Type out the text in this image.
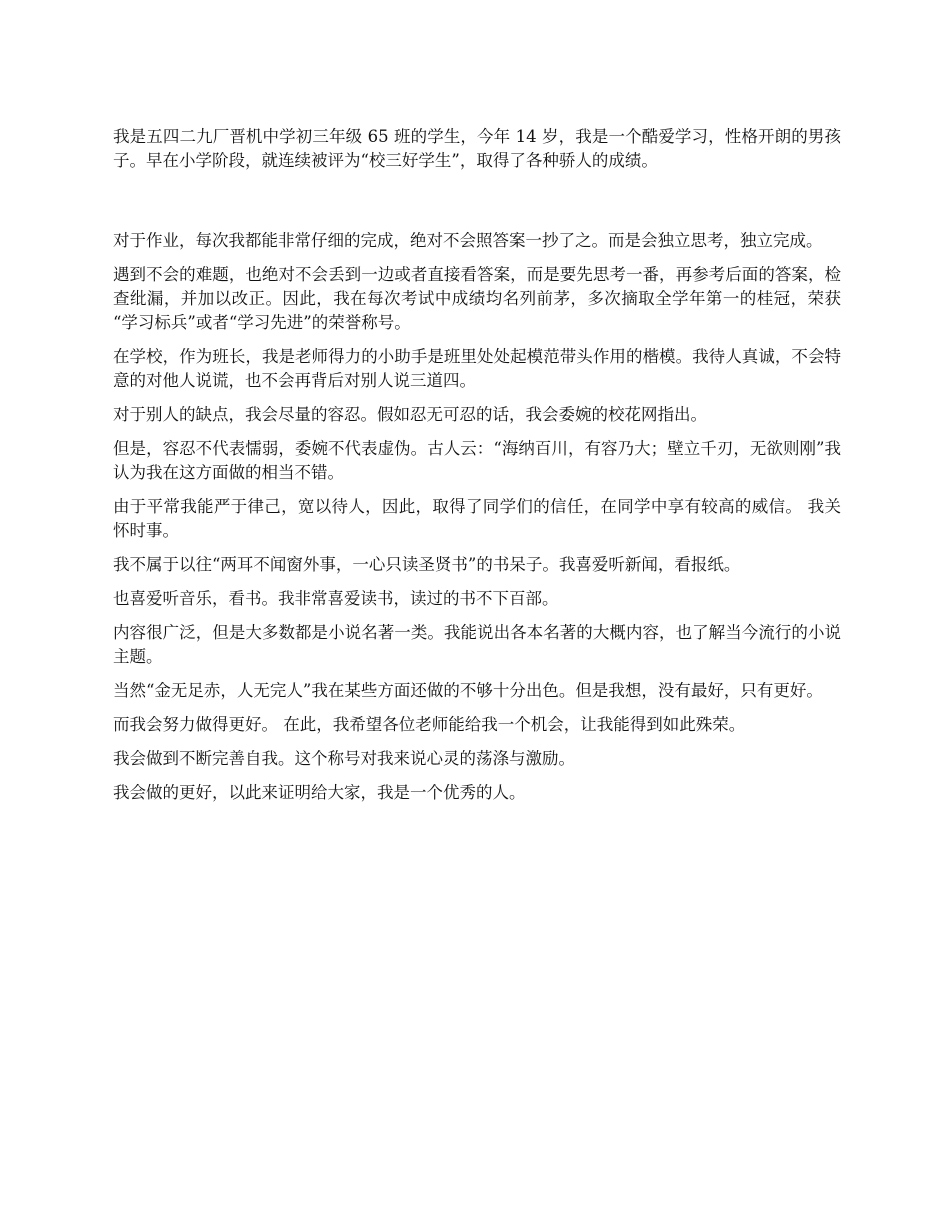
我是五四二九厂晋机中学初三年级 65 班的学生，今年 14 岁，我是一个酷爱学习，性格开朗的男孩子。早在小学阶段，就连续被评为“校三好学生”，取得了各种骄人的成绩。

对于作业，每次我都能非常仔细的完成，绝对不会照答案一抄了之。而是会独立思考，独立完成。

遇到不会的难题，也绝对不会丢到一边或者直接看答案，而是要先思考一番，再参考后面的答案，检查纰漏，并加以改正。因此，我在每次考试中成绩均名列前茅，多次摘取全学年第一的桂冠，荣获 “学习标兵”或者“学习先进”的荣誉称号。

在学校，作为班长，我是老师得力的小助手是班里处处起模范带头作用的楷模。我待人真诚，不会特意的对他人说谎，也不会再背后对别人说三道四。

对于别人的缺点，我会尽量的容忍。假如忍无可忍的话，我会委婉的校花网指出。

但是，容忍不代表懦弱，委婉不代表虚伪。古人云：“海纳百川，有容乃大；壁立千刃，无欲则刚”我认为我在这方面做的相当不错。

由于平常我能严于律己，宽以待人，因此，取得了同学们的信任，在同学中享有较高的威信。 我关怀时事。

我不属于以往“两耳不闻窗外事，一心只读圣贤书”的书呆子。我喜爱听新闻，看报纸。

也喜爱听音乐，看书。我非常喜爱读书，读过的书不下百部。

内容很广泛，但是大多数都是小说名著一类。我能说出各本名著的大概内容，也了解当今流行的小说主题。

当然“金无足赤，人无完人”我在某些方面还做的不够十分出色。但是我想，没有最好，只有更好。

而我会努力做得更好。 在此，我希望各位老师能给我一个机会，让我能得到如此殊荣。

我会做到不断完善自我。这个称号对我来说心灵的荡涤与激励。

我会做的更好，以此来证明给大家，我是一个优秀的人。
